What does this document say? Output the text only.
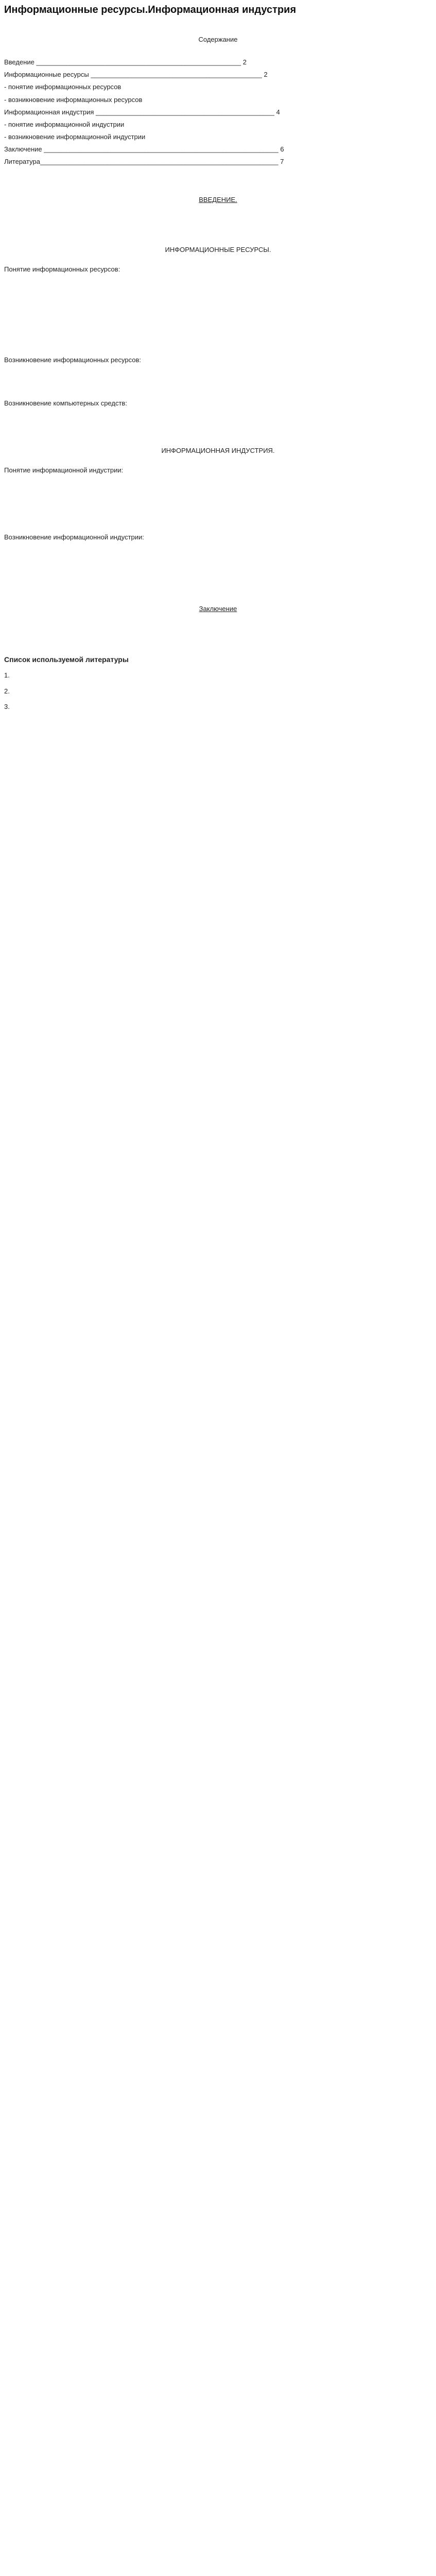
Информационные ресурсы.Информационная индустрия
Содержание
Введение _______________________________________________________ 2
Информационные ресурсы ______________________________________________ 2
- понятие информационных ресурсов
- возникновение информационных ресурсов
Информационная индустрия ________________________________________________ 4
- понятие информационной индустрии
- возникновение информационной индустрии
Заключение _______________________________________________________________ 6
Литература________________________________________________________________ 7
ВВЕДЕНИЕ.

ИНФОРМАЦИОННЫЕ РЕСУРСЫ.
Понятие информационных ресурсов:

Возникновение информационных ресурсов:

Возникновение компьютерных средств:

ИНФОРМАЦИОННАЯ ИНДУСТРИЯ.
Понятие информационной индустрии:

Возникновение информационной индустрии:

Заключение

Список используемой литературы
1.
2.
3.
